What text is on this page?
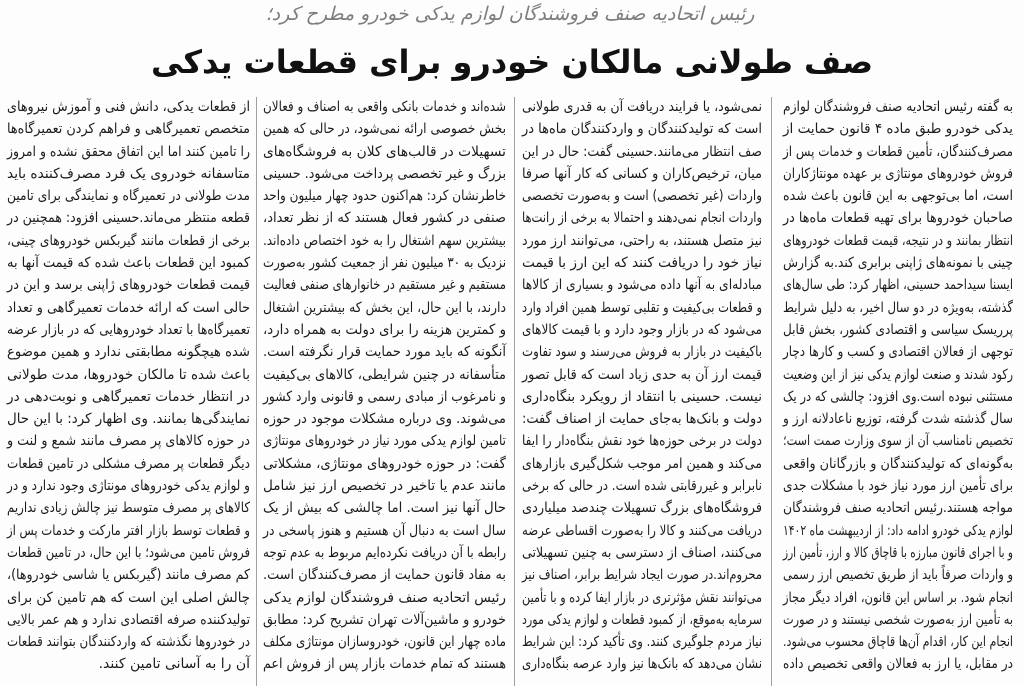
رئیس اتحادیه صنف فروشندگان لوازم یدکی خودرو مطرح کرد؛
صف طولانی مالکان خودرو برای قطعات یدکی
به گفته رئیس اتحادیه صنف فروشندگان لوازم
یدکی خودرو طبق ماده ۴ قانون حمایت از
مصرف‌کنندگان، تأمین قطعات و خدمات پس از
فروش خودروهای مونتاژی بر عهده مونتاژکاران
است، اما بی‌توجهی به این قانون باعث شده
صاحبان خودروها برای تهیه قطعات ماه‌ها در
انتظار بمانند و در نتیجه، قیمت قطعات خودروهای
چینی با نمونه‌های ژاپنی برابری کند.به گزارش
ایسنا سیداحمد حسینی، اظهار کرد: طی سال‌های
گذشته، به‌ویژه در دو سال اخیر، به دلیل شرایط
پرریسک سیاسی و اقتصادی کشور، بخش قابل
توجهی از فعالان اقتصادی و کسب و کارها دچار
رکود شدند و صنعت لوازم یدکی نیز از این وضعیت
مستثنی نبوده است.وی افزود: چالشی که در یک
سال گذشته شدت گرفته، توزیع ناعادلانه ارز و
تخصیص نامناسب آن از سوی وزارت صمت است؛
به‌گونه‌ای که تولیدکنندگان و بازرگانان واقعی
برای تأمین ارز مورد نیاز خود با مشکلات جدی
مواجه هستند.رئیس اتحادیه صنف فروشندگان
لوازم یدکی خودرو ادامه داد: از اردیبهشت ماه ۱۴۰۲
و با اجرای قانون مبارزه با قاچاق کالا و ارز، تأمین ارز
و واردات صرفاً باید از طریق تخصیص ارز رسمی
انجام شود. بر اساس این قانون، افراد دیگر مجاز
به تأمین ارز به‌صورت شخصی نیستند و در صورت
انجام این کار، اقدام آن‌ها قاچاق محسوب می‌شود.
در مقابل، یا ارز به فعالان واقعی تخصیص داده
نمی‌شود، یا فرایند دریافت آن به قدری طولانی
است که تولیدکنندگان و واردکنندگان ماه‌ها در
صف انتظار می‌مانند.حسینی گفت: حال در این
میان، ترخیص‌کاران و کسانی که کار آنها صرفا
واردات (غیر تخصصی) است و به‌صورت تخصصی
واردات انجام نمی‌دهند و احتمالا به برخی از رانت‌ها
نیز متصل هستند، به راحتی، می‌توانند ارز مورد
نیاز خود را دریافت کنند که این ارز با قیمت
مبادله‌ای به آنها داده می‌شود و بسیاری از کالاها
و قطعات بی‌کیفیت و تقلبی توسط همین افراد وارد
می‌شود که در بازار وجود دارد و با قیمت کالاهای
باکیفیت در بازار به فروش می‌رسند و سود تفاوت
قیمت ارز آن به حدی زیاد است که قابل تصور
نیست. حسینی با انتقاد از رویکرد بنگاه‌داری
دولت و بانک‌ها به‌جای حمایت از اصناف گفت:
دولت در برخی حوزه‌ها خود نقش بنگاه‌دار را ایفا
می‌کند و همین امر موجب شکل‌گیری بازارهای
نابرابر و غیررقابتی شده است. در حالی که برخی
فروشگاه‌های بزرگ تسهیلات چندصد میلیاردی
دریافت می‌کنند و کالا را به‌صورت اقساطی عرضه
می‌کنند، اصناف از دسترسی به چنین تسهیلاتی
محروم‌اند.در صورت ایجاد شرایط برابر، اصناف نیز
می‌توانند نقش مؤثرتری در بازار ایفا کرده و با تأمین
سرمایه به‌موقع، از کمبود قطعات و لوازم یدکی مورد
نیاز مردم جلوگیری کنند. وی تأکید کرد: این شرایط
نشان می‌دهد که بانک‌ها نیز وارد عرصه بنگاه‌داری
شده‌اند و خدمات بانکی واقعی به اصناف و فعالان
بخش خصوصی ارائه نمی‌شود، در حالی که همین
تسهیلات در قالب‌های کلان به فروشگاه‌های
بزرگ و غیر تخصصی پرداخت می‌شود. حسینی
خاطرنشان کرد: هم‌اکنون حدود چهار میلیون واحد
صنفی در کشور فعال هستند که از نظر تعداد،
بیشترین سهم اشتغال را به خود اختصاص داده‌اند.
نزدیک به ۳۰ میلیون نفر از جمعیت کشور به‌صورت
مستقیم و غیر مستقیم در خانوارهای صنفی فعالیت
دارند، با این حال، این بخش که بیشترین اشتغال
و کمترین هزینه را برای دولت به همراه دارد،
آنگونه که باید مورد حمایت قرار نگرفته است.
متأسفانه در چنین شرایطی، کالاهای بی‌کیفیت
و نامرغوب از مبادی رسمی و قانونی وارد کشور
می‌شوند. وی درباره مشکلات موجود در حوزه
تامین لوازم یدکی مورد نیاز در خودروهای مونتاژی
گفت: در حوزه خودروهای مونتاژی، مشکلاتی
مانند عدم یا تاخیر در تخصیص ارز نیز شامل
حال آنها نیز است. اما چالشی که بیش از یک
سال است به دنبال آن هستیم و هنوز پاسخی در
رابطه با آن دریافت نکرده‌ایم مربوط به عدم توجه
به مفاد قانون حمایت از مصرف‌کنندگان است.
رئیس اتحادیه صنف فروشندگان لوازم یدکی
خودرو و ماشین‌آلات تهران تشریح کرد: مطابق
ماده چهار این قانون، خودروسازان مونتاژی مکلف
هستند که تمام خدمات بازار پس از فروش اعم
از قطعات یدکی، دانش فنی و آموزش نیروهای
متخصص تعمیرگاهی و فراهم کردن تعمیرگاه‌ها
را تامین کنند اما این اتفاق محقق نشده و امروز
متاسفانه خودروی یک فرد مصرف‌کننده باید
مدت طولانی در تعمیرگاه و نمایندگی برای تامین
قطعه منتظر می‌ماند.حسینی افزود: همچنین در
برخی از قطعات مانند گیربکس خودروهای چینی،
کمبود این قطعات باعث شده که قیمت آنها به
قیمت قطعات خودروهای ژاپنی برسد و این در
حالی است که ارائه خدمات تعمیرگاهی و تعداد
تعمیرگاه‌ها با تعداد خودروهایی که در بازار عرضه
شده هیچگونه مطابقتی ندارد و همین موضوع
باعث شده تا مالکان خودروها، مدت طولانی
در انتظار خدمات تعمیرگاهی و نوبت‌دهی در
نمایندگی‌ها بمانند. وی اظهار کرد: با این حال
در حوزه کالاهای پر مصرف مانند شمع و لنت و
دیگر قطعات پر مصرف مشکلی در تامین قطعات
و لوازم یدکی خودروهای مونتاژی وجود ندارد و در
کالاهای پر مصرف متوسط نیز چالش زیادی نداریم
و قطعات توسط بازار افتر مارکت و خدمات پس از
فروش تامین می‌شود؛ با این حال، در تامین قطعات
کم مصرف مانند (گیربکس یا شاسی خودروها)،
چالش اصلی این است که هم تامین کن برای
تولیدکننده صرفه اقتصادی ندارد و هم عمر بالایی
در خودروها نگذشته که واردکنندگان بتوانند قطعات
آن را به آسانی تامین کنند.
